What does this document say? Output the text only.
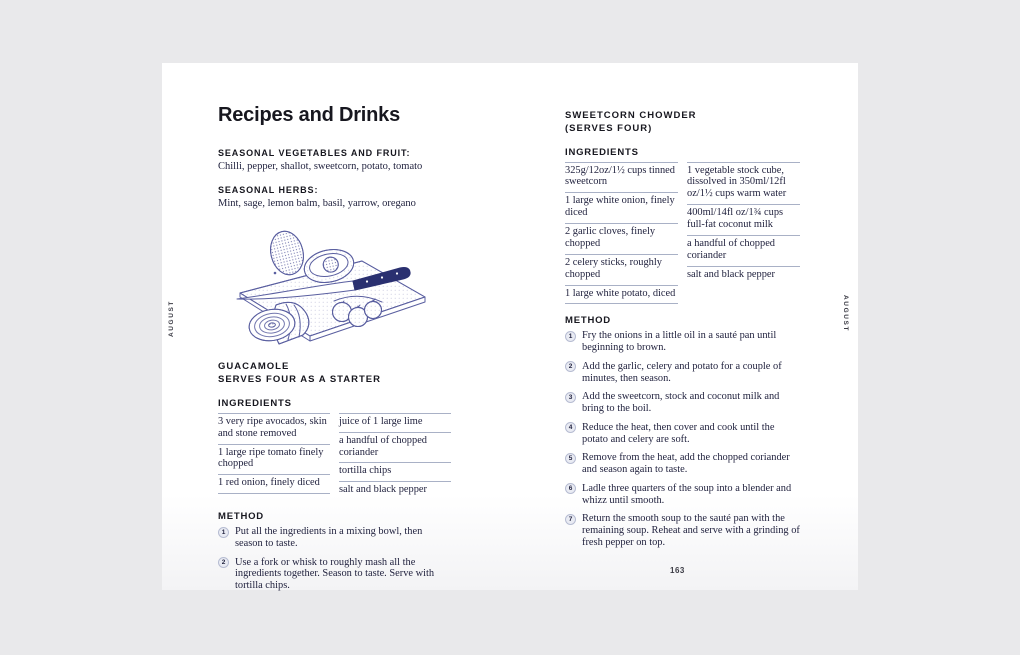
AUGUST	AUGUST
Recipes and Drinks
SEASONAL VEGETABLES AND FRUIT:

Chilli, pepper, shallot, sweetcorn, potato, tomato

SEASONAL HERBS:

Mint, sage, lemon balm, basil, yarrow, oregano

GUACAMOLE
SERVES FOUR AS A STARTER
INGREDIENTS
3 very ripe avocados, skin and stone removed
1 large ripe tomato finely chopped
1 red onion, finely diced
juice of 1 large lime
a handful of chopped coriander
tortilla chips
salt and black pepper
METHOD
1 Put all the ingredients in a mixing bowl, then season to taste.
2 Use a fork or whisk to roughly mash all the ingredients together. Season to taste. Serve with tortilla chips.
SWEETCORN CHOWDER
(SERVES FOUR)
INGREDIENTS
325g/12oz/1½ cups tinned sweetcorn
1 large white onion, finely diced
2 garlic cloves, finely chopped
2 celery sticks, roughly chopped
1 large white potato, diced
1 vegetable stock cube, dissolved in 350ml/12fl oz/1½ cups warm water
400ml/14fl oz/1¾ cups full-fat coconut milk
a handful of chopped coriander
salt and black pepper
METHOD
1 Fry the onions in a little oil in a sauté pan until beginning to brown.
2 Add the garlic, celery and potato for a couple of minutes, then season.
3 Add the sweetcorn, stock and coconut milk and bring to the boil.
4 Reduce the heat, then cover and cook until the potato and celery are soft.
5 Remove from the heat, add the chopped coriander and season again to taste.
6 Ladle three quarters of the soup into a blender and whizz until smooth.
7 Return the smooth soup to the sauté pan with the remaining soup. Reheat and serve with a grinding of fresh pepper on top.
163
